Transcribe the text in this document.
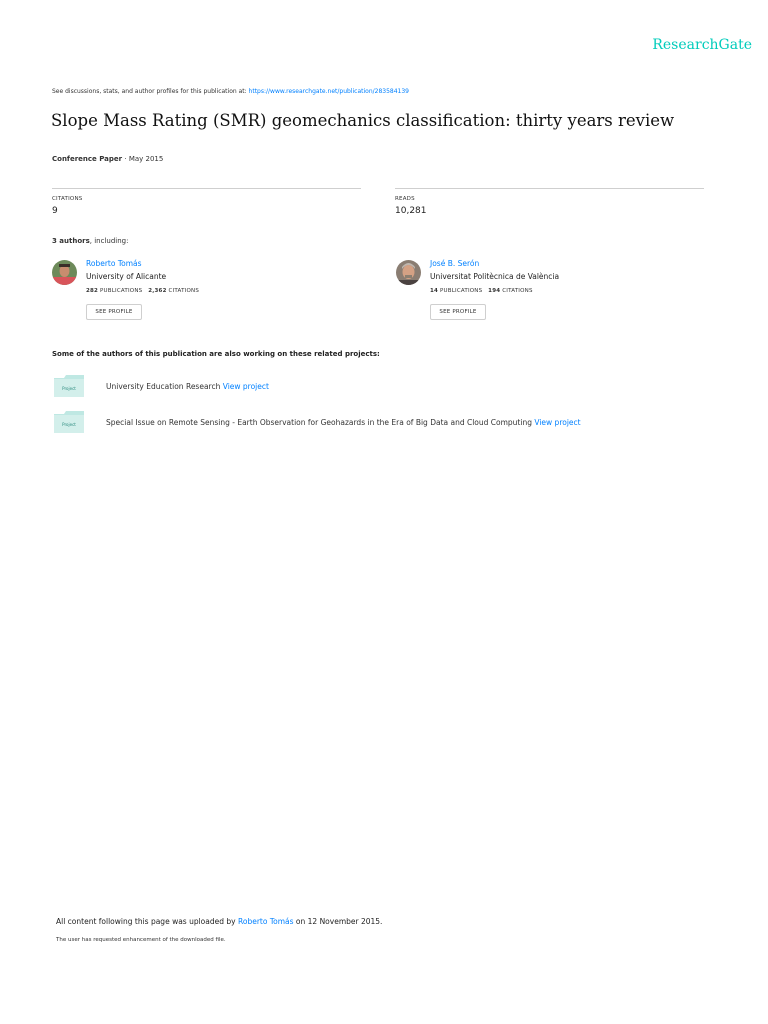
ResearchGate
See discussions, stats, and author profiles for this publication at: https://www.researchgate.net/publication/283584139
Slope Mass Rating (SMR) geomechanics classification: thirty years review
Conference Paper · May 2015
CITATIONS
9
READS
10,281
3 authors, including:
Roberto Tomás
University of Alicante
282 PUBLICATIONS 2,362 CITATIONS
SEE PROFILE
José B. Serón
Universitat Politècnica de València
14 PUBLICATIONS 194 CITATIONS
SEE PROFILE
Some of the authors of this publication are also working on these related projects:
Project	University Education Research View project
Project	Special Issue on Remote Sensing - Earth Observation for Geohazards in the Era of Big Data and Cloud Computing View project
All content following this page was uploaded by Roberto Tomás on 12 November 2015.
The user has requested enhancement of the downloaded file.
